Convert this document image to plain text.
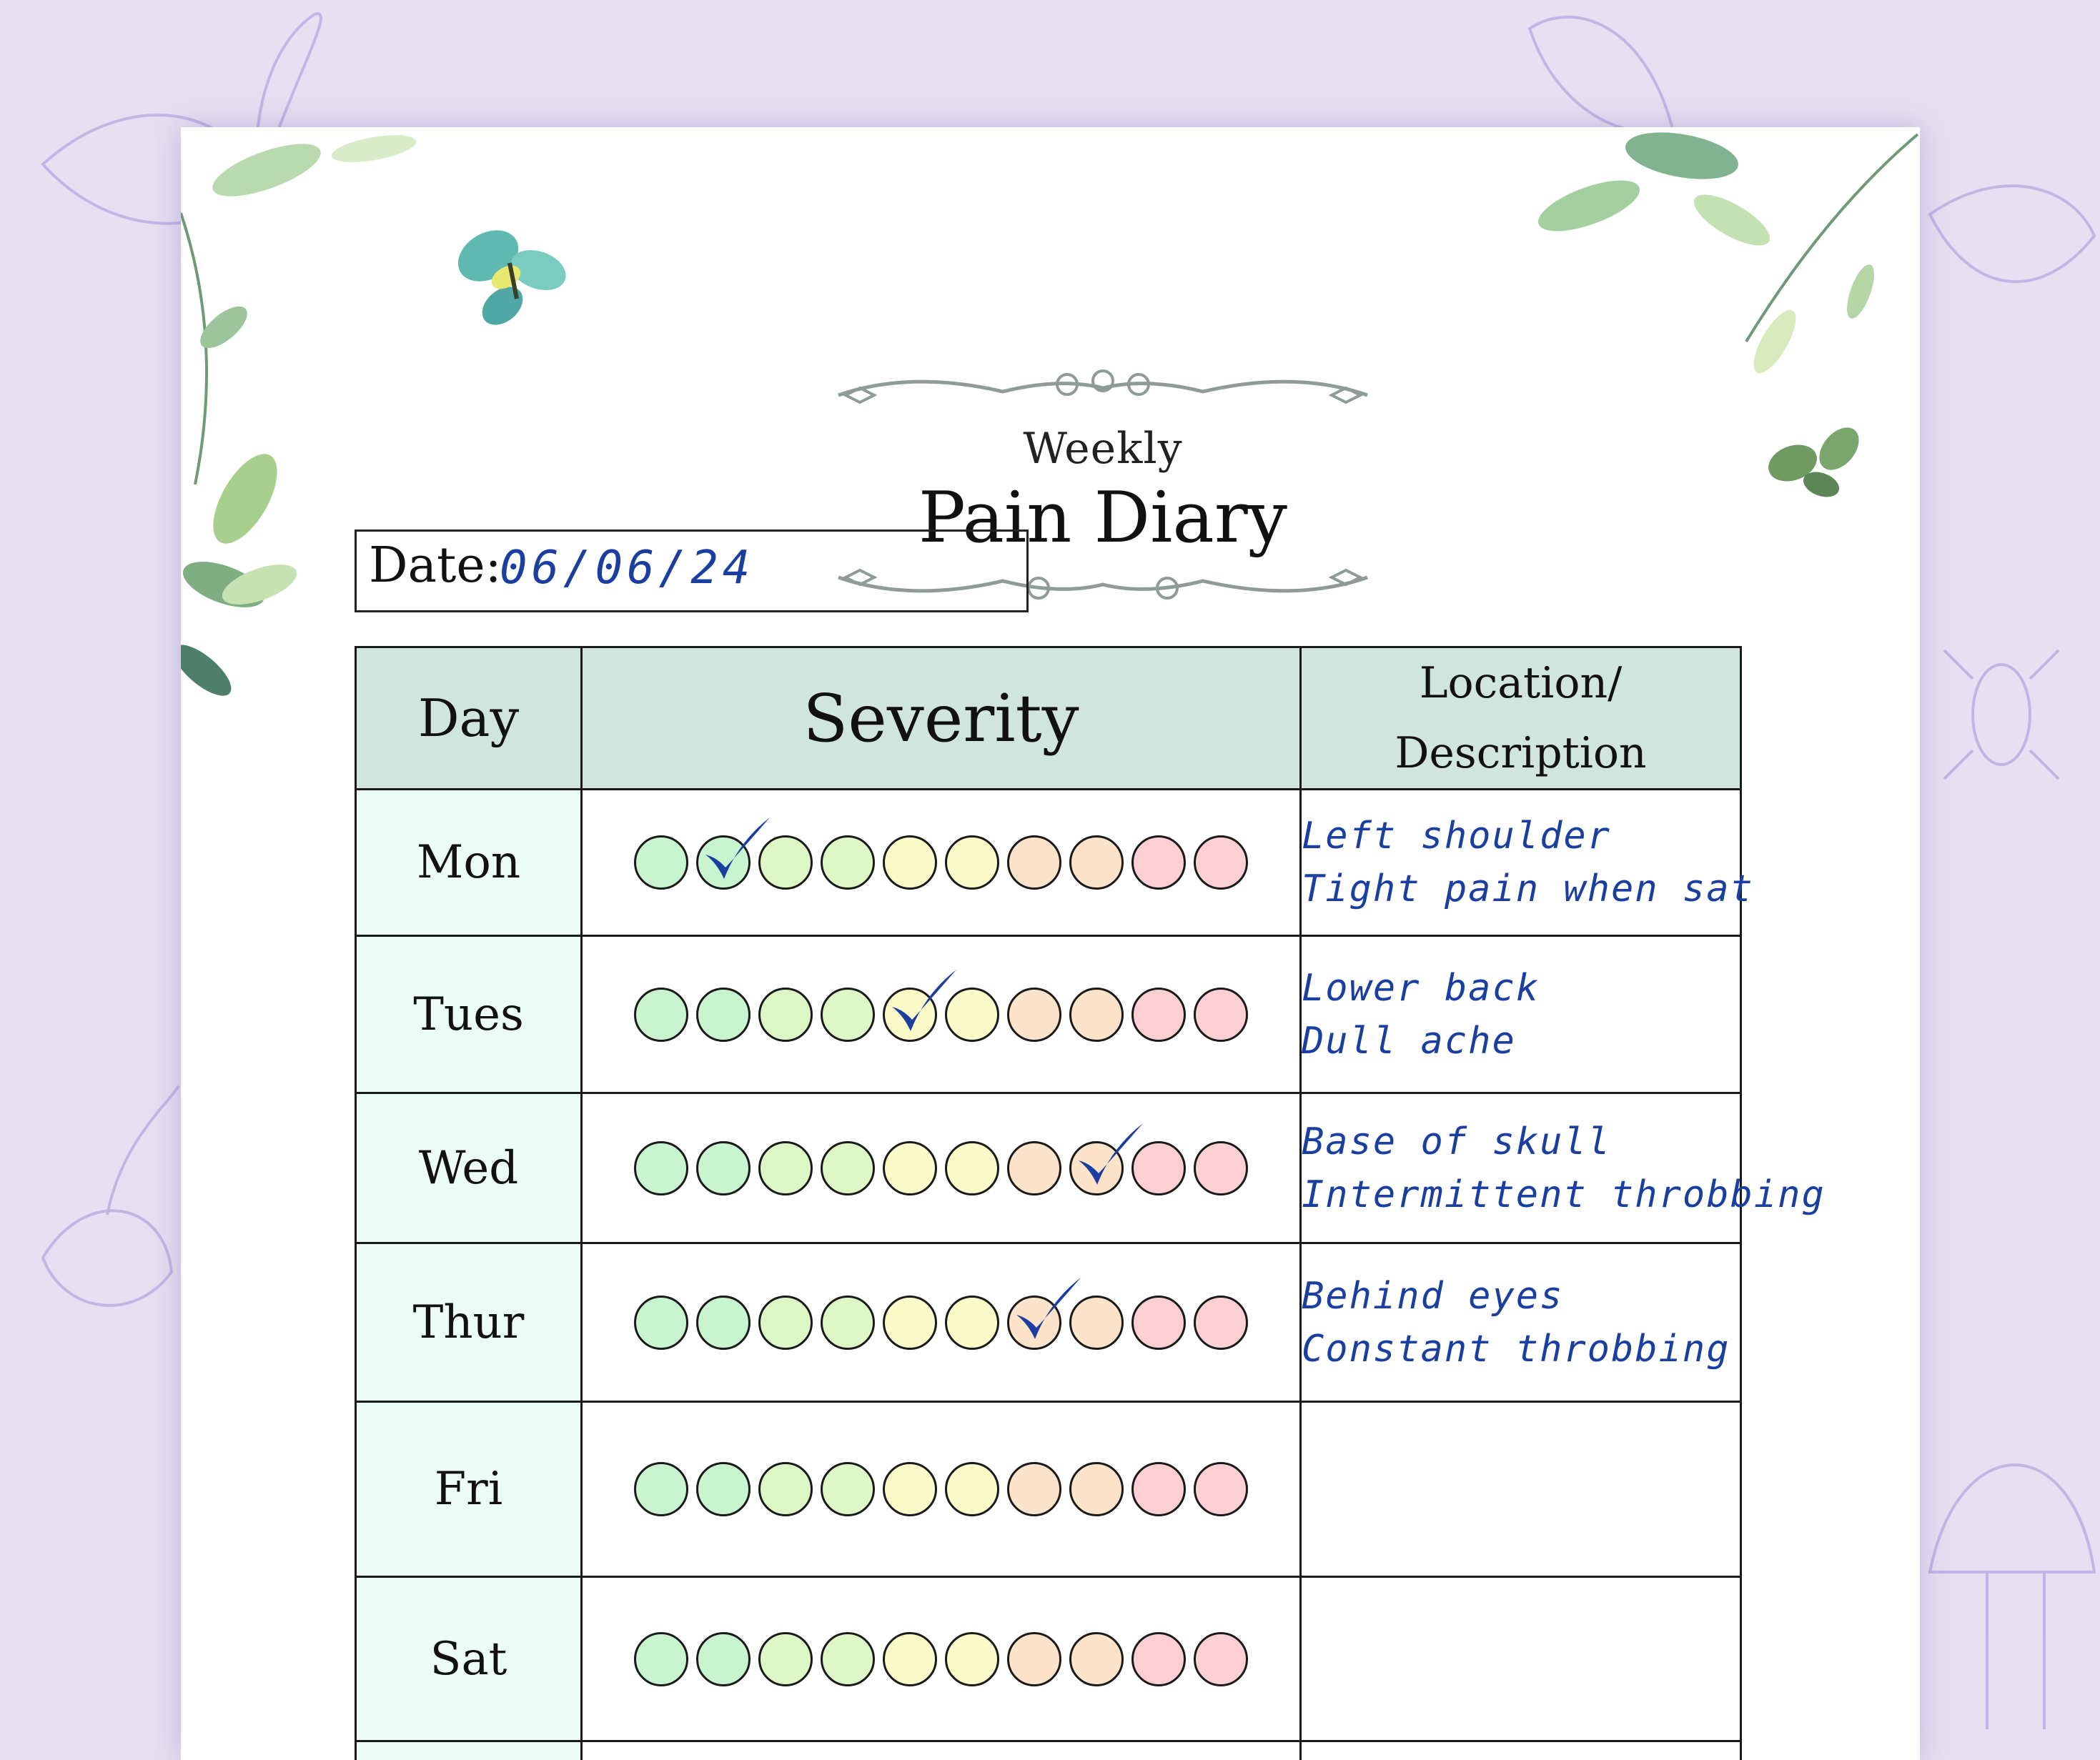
Weekly
Pain Diary
Date:
06/06/24
Day	Severity	Location/
Description

Mon		Left shoulder
Tight pain when sat

Tues		Lower back
Dull ache

Wed		Base of skull
Intermittent throbbing

Thur		Behind eyes
Constant throbbing

Fri	

Sat	
